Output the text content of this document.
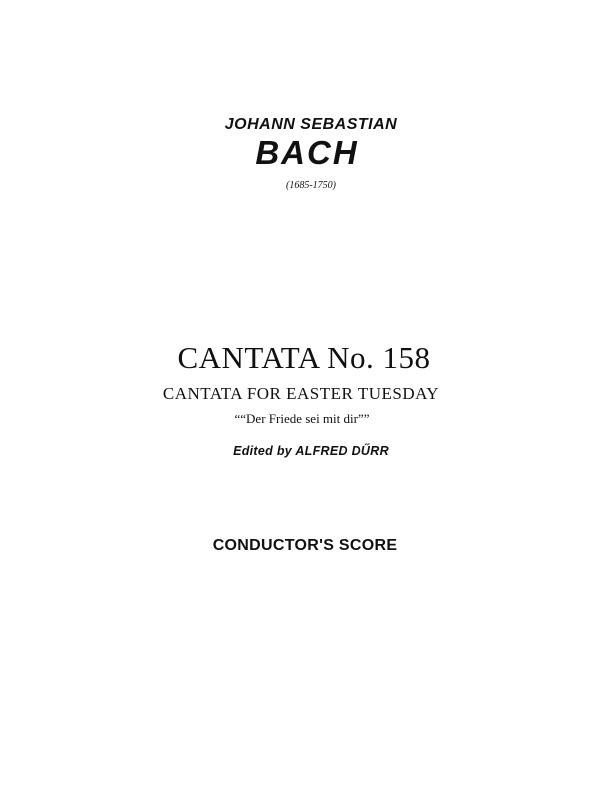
JOHANN SEBASTIAN

BACH

(1685-1750)

CANTATA No. 158

CANTATA FOR EASTER TUESDAY

““Der Friede sei mit dir””

Edited by ALFRED DŰRR

CONDUCTOR'S SCORE
